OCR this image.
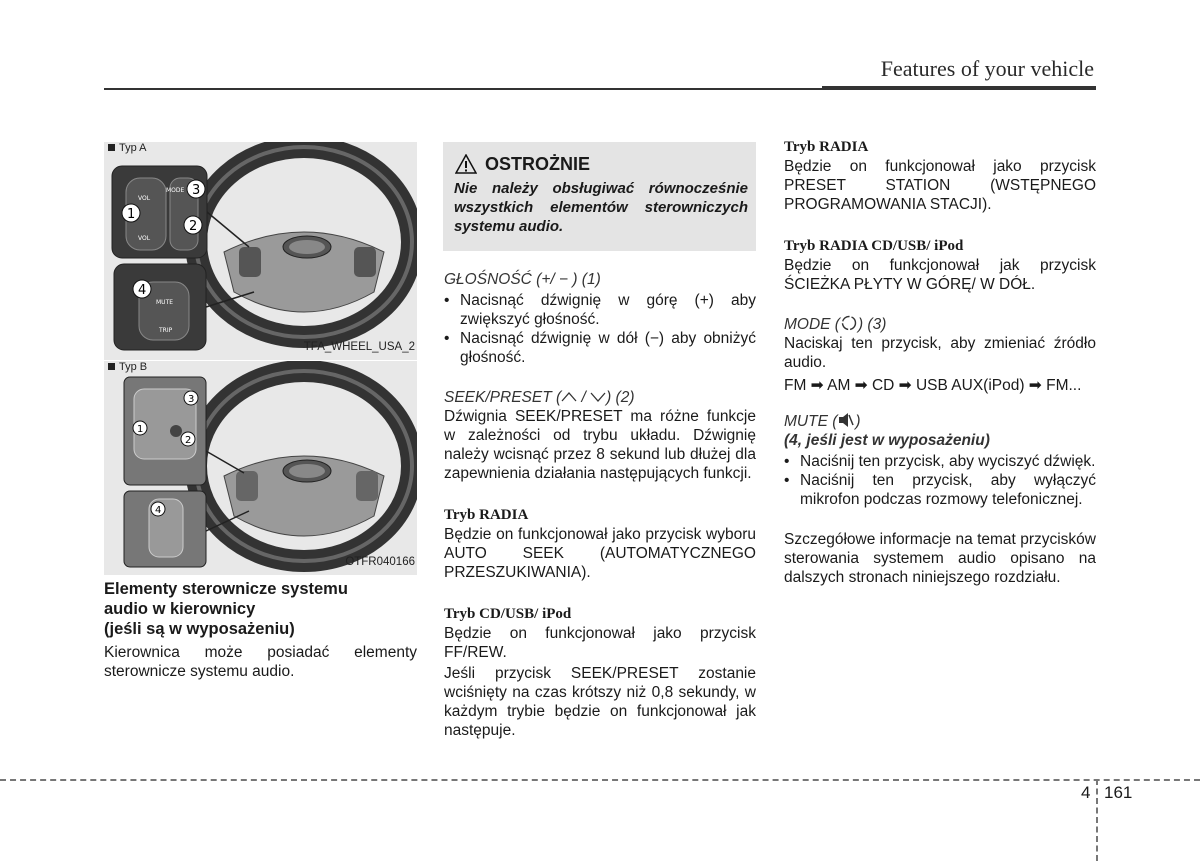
Features of your vehicle
Typ A
VOL
VOL
MODE
MUTE
TRIP
1
2
3
4
TFA_WHEEL_USA_2
Typ B
1
2
3
4
OTFR040166
Elementy sterownicze systemu
audio w kierownicy
(jeśli są w wyposażeniu)
Kierownica może posiadać elementy sterownicze systemu audio.
OSTROŻNIE
Nie należy obsługiwać równocześnie wszystkich elementów sterowniczych systemu audio.

GŁOŚNOŚĆ (+/ − ) (1)

• Nacisnąć dźwignię w górę (+) aby zwiększyć głośność.

• Nacisnąć dźwignię w dół (−) aby obniżyć głośność.

SEEK/PRESET ( / ) (2)

Dźwignia SEEK/PRESET ma różne funkcje w zależności od trybu układu. Dźwignię należy wcisnąć przez 8 sekund lub dłużej dla zapewnienia działania następujących funkcji.

Tryb RADIA

Będzie on funkcjonował jako przycisk wyboru AUTO SEEK (AUTOMATYCZNEGO PRZESZUKIWANIA).

Tryb CD/USB/ iPod

Będzie on funkcjonował jako przycisk FF/REW.

Jeśli przycisk SEEK/PRESET zostanie wciśnięty na czas krótszy niż 0,8 sekundy, w każdym trybie będzie on funkcjonował jak następuje.

Tryb RADIA

Będzie on funkcjonował jako przycisk PRESET STATION (WSTĘPNEGO PROGRAMOWANIA STACJI).

Tryb RADIA CD/USB/ iPod

Będzie on funkcjonował jak przycisk ŚCIEŻKA PŁYTY W GÓRĘ/ W DÓŁ.

MODE ( ) (3)

Naciskaj ten przycisk, aby zmieniać źródło audio.

FM ➡ AM ➡ CD ➡ USB AUX(iPod) ➡ FM...

MUTE ( )

(4, jeśli jest w wyposażeniu)

• Naciśnij ten przycisk, aby wyciszyć dźwięk.

• Naciśnij ten przycisk, aby wyłączyć mikrofon podczas rozmowy telefonicznej.

Szczegółowe informacje na temat przycisków sterowania systemem audio opisano na dalszych stronach niniejszego rozdziału.

4 161
